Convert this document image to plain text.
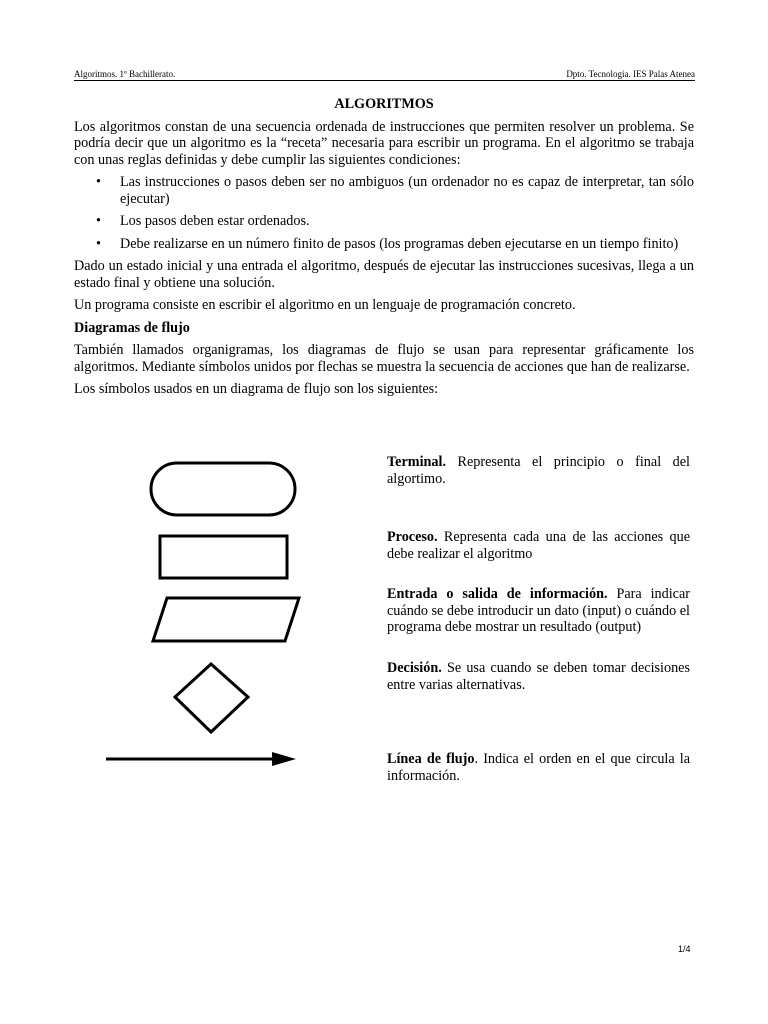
Algoritmos. 1º Bachillerato.	Dpto. Tecnología. IES Palas Atenea
ALGORITMOS

Los algoritmos constan de una secuencia ordenada de instrucciones que permiten resolver un problema. Se podría decir que un algoritmo es la “receta” necesaria para escribir un programa. En el algoritmo se trabaja con unas reglas definidas y debe cumplir las siguientes condiciones:

• Las instrucciones o pasos deben ser no ambiguos (un ordenador no es capaz de interpretar, tan sólo ejecutar)
• Los pasos deben estar ordenados.
• Debe realizarse en un número finito de pasos (los programas deben ejecutarse en un tiempo finito)

Dado un estado inicial y una entrada el algoritmo, después de ejecutar las instrucciones sucesivas, llega a un estado final y obtiene una solución.

Un programa consiste en escribir el algoritmo en un lenguaje de programación concreto.

Diagramas de flujo

También llamados organigramas, los diagramas de flujo se usan para representar gráficamente los algoritmos. Mediante símbolos unidos por flechas se muestra la secuencia de acciones que han de realizarse.

Los símbolos usados en un diagrama de flujo son los siguientes:

Terminal. Representa el principio o final del algortimo.
Proceso. Representa cada una de las acciones que debe realizar el algoritmo
Entrada o salida de información. Para indicar cuándo se debe introducir un dato (input) o cuándo el programa debe mostrar un resultado (output)
Decisión. Se usa cuando se deben tomar decisiones entre varias alternativas.
Línea de flujo. Indica el orden en el que circula la información.
1/4
